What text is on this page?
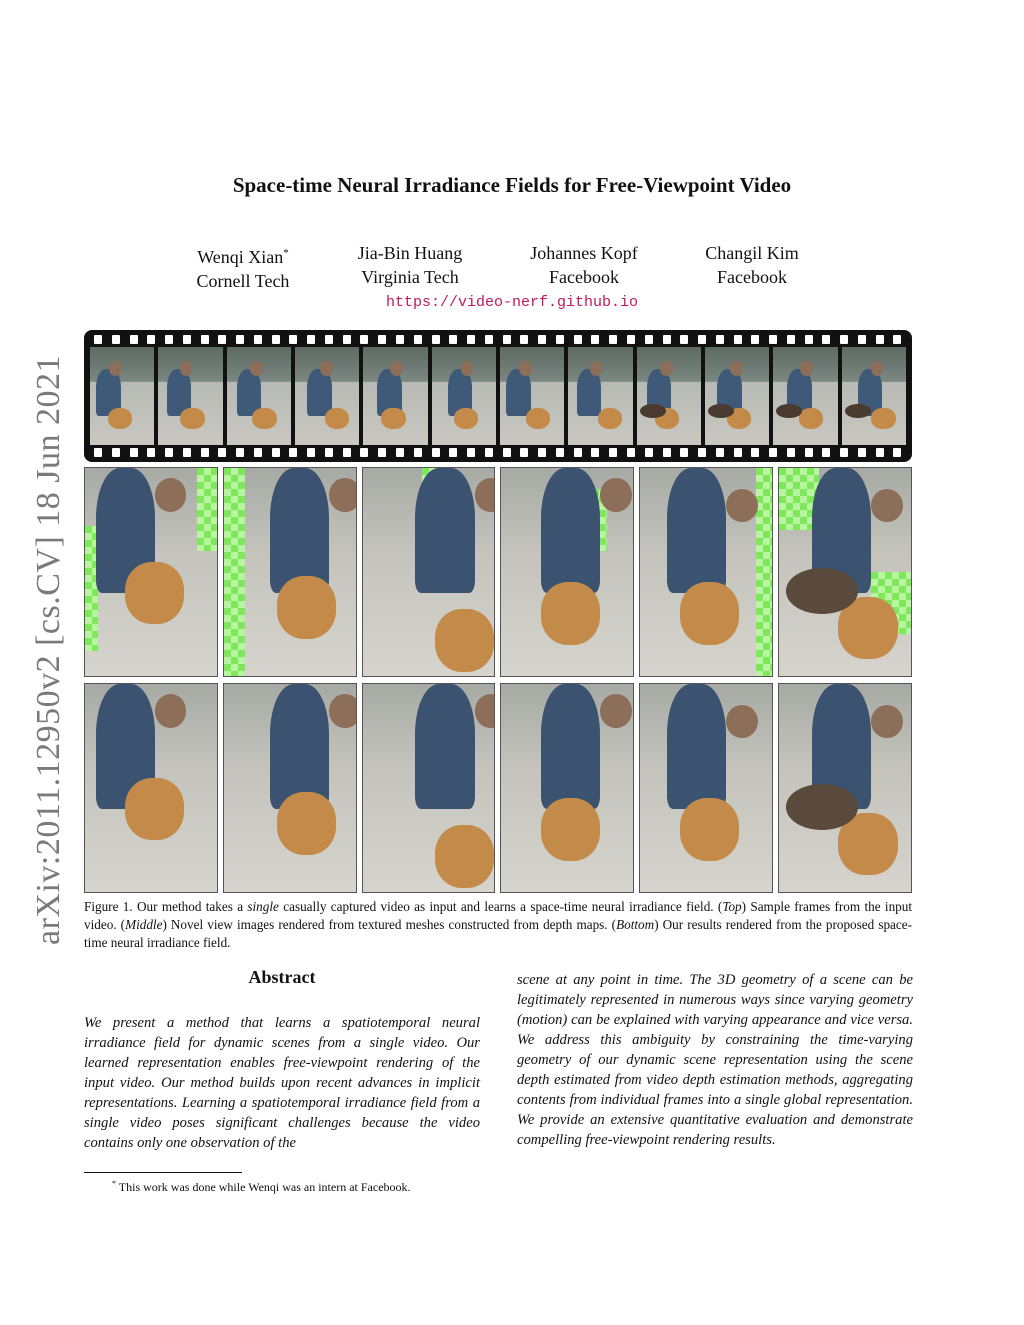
arXiv:2011.12950v2 [cs.CV] 18 Jun 2021
Space-time Neural Irradiance Fields for Free-Viewpoint Video
Wenqi Xian*
Cornell Tech
Jia-Bin Huang
Virginia Tech
Johannes Kopf
Facebook
Changil Kim
Facebook
https://video-nerf.github.io
Figure 1. Our method takes a single casually captured video as input and learns a space-time neural irradiance field. (Top) Sample frames from the input video. (Middle) Novel view images rendered from textured meshes constructed from depth maps. (Bottom) Our results rendered from the proposed space-time neural irradiance field.
Abstract
We present a method that learns a spatiotemporal neural irradiance field for dynamic scenes from a single video. Our learned representation enables free-viewpoint rendering of the input video. Our method builds upon recent advances in implicit representations. Learning a spatiotemporal irradiance field from a single video poses significant challenges because the video contains only one observation of the
scene at any point in time. The 3D geometry of a scene can be legitimately represented in numerous ways since varying geometry (motion) can be explained with varying appearance and vice versa. We address this ambiguity by constraining the time-varying geometry of our dynamic scene representation using the scene depth estimated from video depth estimation methods, aggregating contents from individual frames into a single global representation. We provide an extensive quantitative evaluation and demonstrate compelling free-viewpoint rendering results.
* This work was done while Wenqi was an intern at Facebook.
